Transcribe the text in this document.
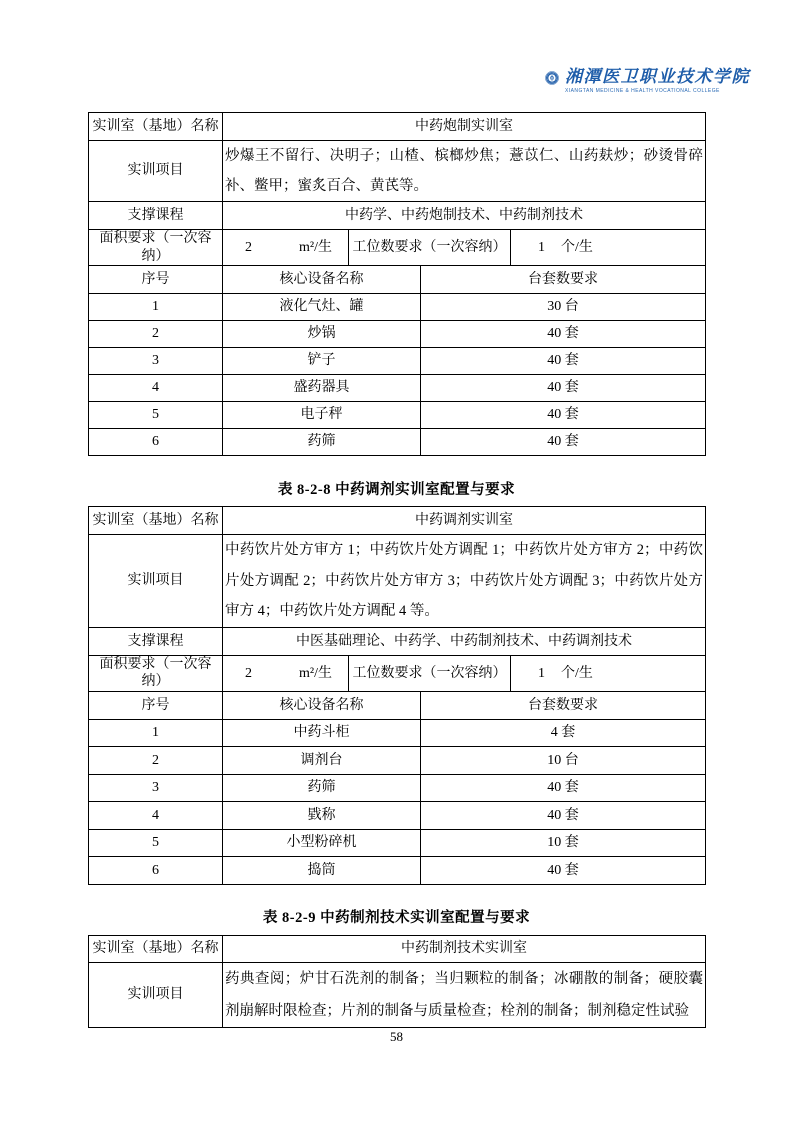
湘潭医卫职业技术学院
XIANGTAN MEDICINE & HEALTH VOCATIONAL COLLEGE
实训室（基地）名称	中药炮制实训室			
实训项目	炒爆王不留行、决明子；山楂、槟榔炒焦；薏苡仁、山药麸炒；砂烫骨碎补、鳖甲；蜜炙百合、黄芪等。			
支撑课程	中药学、中药炮制技术、中药制剂技术			
面积要求（一次容纳）	2 m²/生	工位数要求（一次容纳）		1 个/生

序号	核心设备名称		台套数要求	
1	液化气灶、罐		30 台	
2	炒锅		40 套	
3	铲子		40 套	
4	盛药器具		40 套	
5	电子秤		40 套	
6	药筛		40 套	
表 8-2-8 中药调剂实训室配置与要求
实训室（基地）名称	中药调剂实训室			
实训项目	中药饮片处方审方 1；中药饮片处方调配 1；中药饮片处方审方 2；中药饮片处方调配 2；中药饮片处方审方 3；中药饮片处方调配 3；中药饮片处方审方 4；中药饮片处方调配 4 等。			
支撑课程	中医基础理论、中药学、中药制剂技术、中药调剂技术			
面积要求（一次容纳）	2 m²/生	工位数要求（一次容纳）		1 个/生

序号	核心设备名称		台套数要求	
1	中药斗柜		4 套	
2	调剂台		10 台	
3	药筛		40 套	
4	戥称		40 套	
5	小型粉碎机		10 套	
6	捣筒		40 套	
表 8-2-9 中药制剂技术实训室配置与要求
实训室（基地）名称	中药制剂技术实训室
实训项目	药典查阅；炉甘石洗剂的制备；当归颗粒的制备；冰硼散的制备；硬胶囊剂崩解时限检查；片剂的制备与质量检查；栓剂的制备；制剂稳定性试验
58
